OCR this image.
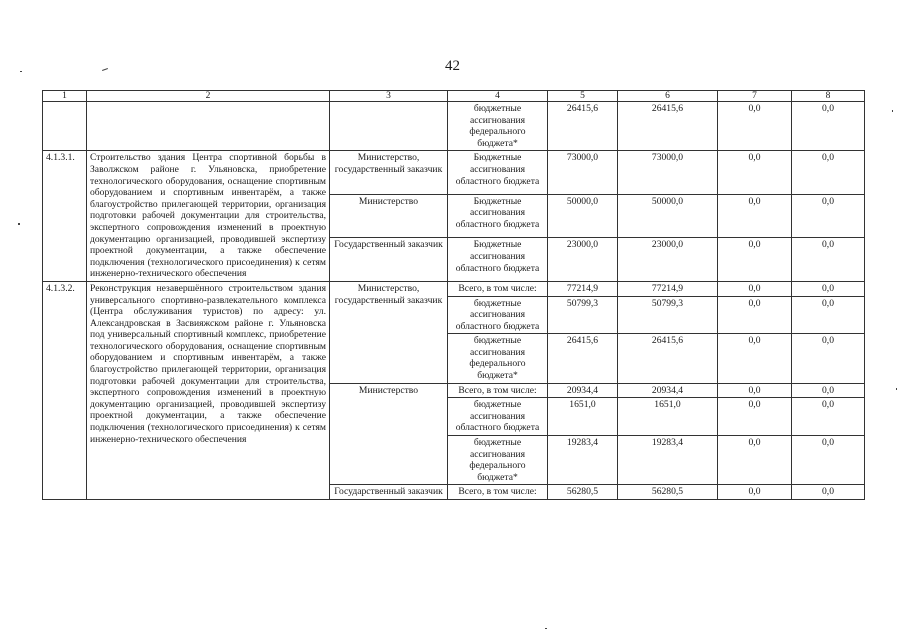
42
1	2	3	4	5	6	7	8
			бюджетные ассигнования федерального бюджета*	26415,6	26415,6	0,0	0,0
4.1.3.1.	Строительство здания Центра спортивной борьбы в Заволжском районе г. Ульяновска, приобретение технологического оборудования, оснащение спортивным оборудованием и спортивным инвентарём, а также благоустройство прилегающей территории, организация подготовки рабочей документации для строительства, экспертного сопровождения изменений в проектную документацию организацией, проводившей экспертизу проектной документации, а также обеспечение подключения (технологического присоединения) к сетям инженерно-технического обеспечения	Министерство, государственный заказчик	Бюджетные ассигнования областного бюджета	73000,0	73000,0	0,0	0,0
		Министерство	Бюджетные ассигнования областного бюджета	50000,0	50000,0	0,0	0,0
		Государственный заказчик	Бюджетные ассигнования областного бюджета	23000,0	23000,0	0,0	0,0
4.1.3.2.	Реконструкция незавершённого строительством здания универсального спортивно-развлекательного комплекса (Центра обслуживания туристов) по адресу: ул. Александровская в Засвияжском районе г. Ульяновска под универсальный спортивный комплекс, приобретение технологического оборудования, оснащение спортивным оборудованием и спортивным инвентарём, а также благоустройство прилегающей территории, организация подготовки рабочей документации для строительства, экспертного сопровождения изменений в проектную документацию организацией, проводившей экспертизу проектной документации, а также обеспечение подключения (технологического присоединения) к сетям инженерно-технического обеспечения	Министерство, государственный заказчик	Всего, в том числе:	77214,9	77214,9	0,0	0,0
			бюджетные ассигнования областного бюджета	50799,3	50799,3	0,0	0,0
			бюджетные ассигнования федерального бюджета*	26415,6	26415,6	0,0	0,0
		Министерство	Всего, в том числе:	20934,4	20934,4	0,0	0,0
			бюджетные ассигнования областного бюджета	1651,0	1651,0	0,0	0,0
			бюджетные ассигнования федерального бюджета*	19283,4	19283,4	0,0	0,0
		Государственный заказчик	Всего, в том числе:	56280,5	56280,5	0,0	0,0
